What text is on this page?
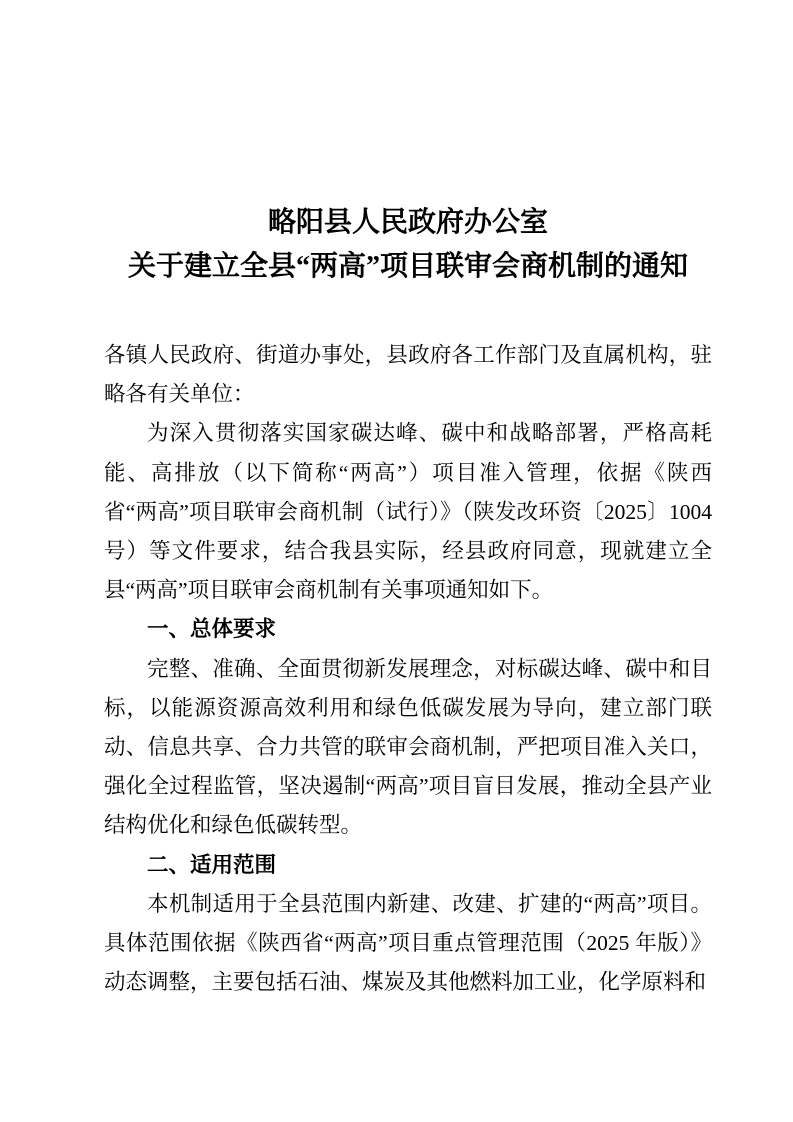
略阳县人民政府办公室
关于建立全县“两高”项目联审会商机制的通知

各镇人民政府、街道办事处，县政府各工作部门及直属机构，驻略各有关单位：

为深入贯彻落实国家碳达峰、碳中和战略部署，严格高耗能、高排放（以下简称“两高”）项目准入管理，依据《陕西省“两高”项目联审会商机制（试行）》（陕发改环资〔2025〕1004 号）等文件要求，结合我县实际，经县政府同意，现就建立全县“两高”项目联审会商机制有关事项通知如下。

一、总体要求

完整、准确、全面贯彻新发展理念，对标碳达峰、碳中和目标，以能源资源高效利用和绿色低碳发展为导向，建立部门联动、信息共享、合力共管的联审会商机制，严把项目准入关口，强化全过程监管，坚决遏制“两高”项目盲目发展，推动全县产业结构优化和绿色低碳转型。

二、适用范围

本机制适用于全县范围内新建、改建、扩建的“两高”项目。具体范围依据《陕西省“两高”项目重点管理范围（2025 年版）》动态调整，主要包括石油、煤炭及其他燃料加工业，化学原料和
